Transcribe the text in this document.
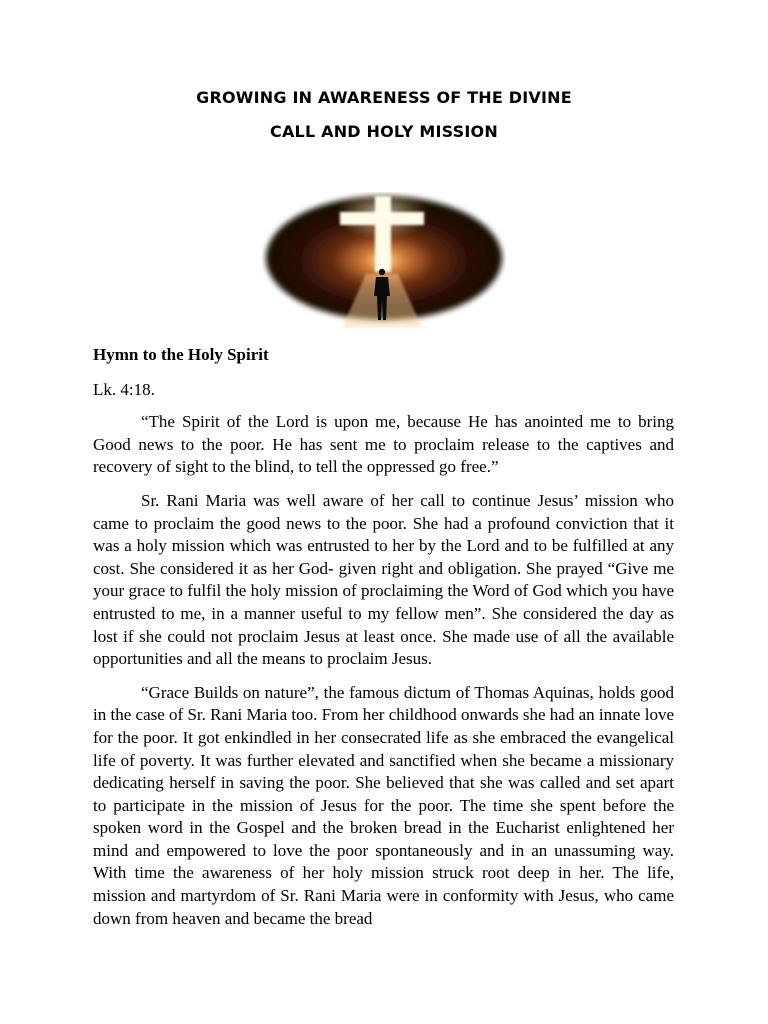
GROWING IN AWARENESS OF THE DIVINE
CALL AND HOLY MISSION

Hymn to the Holy Spirit

Lk. 4:18.

“The Spirit of the Lord is upon me, because He has anointed me to bring Good news to the poor. He has sent me to proclaim release to the captives and recovery of sight to the blind, to tell the oppressed go free.”

Sr. Rani Maria was well aware of her call to continue Jesus’ mission who came to proclaim the good news to the poor. She had a profound conviction that it was a holy mission which was entrusted to her by the Lord and to be fulfilled at any cost. She considered it as her God- given right and obligation. She prayed “Give me your grace to fulfil the holy mission of proclaiming the Word of God which you have entrusted to me, in a manner useful to my fellow men”. She considered the day as lost if she could not proclaim Jesus at least once. She made use of all the available opportunities and all the means to proclaim Jesus.

“Grace Builds on nature”, the famous dictum of Thomas Aquinas, holds good in the case of Sr. Rani Maria too. From her childhood onwards she had an innate love for the poor. It got enkindled in her consecrated life as she embraced the evangelical life of poverty. It was further elevated and sanctified when she became a missionary dedicating herself in saving the poor. She believed that she was called and set apart to participate in the mission of Jesus for the poor. The time she spent before the spoken word in the Gospel and the broken bread in the Eucharist enlightened her mind and empowered to love the poor spontaneously and in an unassuming way. With time the awareness of her holy mission struck root deep in her. The life, mission and martyrdom of Sr. Rani Maria were in conformity with Jesus, who came down from heaven and became the bread
